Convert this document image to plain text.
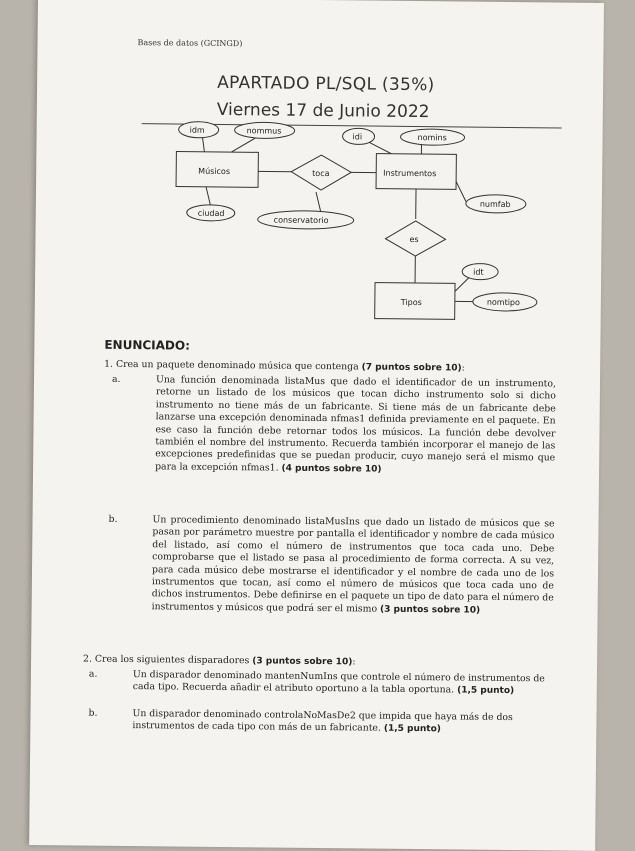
Bases de datos (GCINGD)
APARTADO PL/SQL (35%)
Viernes 17 de Junio 2022
Músicos	Instrumentos
Tipos
toca
es
idm	nommus
ciudad
conservatorio
idi	nomins
numfab
idt
nomtipo
ENUNCIADO:
1. Crea un paquete denominado música que contenga (7 puntos sobre 10):
a.	Una función denominada listaMus que dado el identificador de un instrumento, retorne un listado de los músicos que tocan dicho instrumento solo si dicho instrumento no tiene más de un fabricante. Si tiene más de un fabricante debe lanzarse una excepción denominada nfmas1 definida previamente en el paquete. En ese caso la función debe retornar todos los músicos. La función debe devolver también el nombre del instrumento. Recuerda también incorporar el manejo de las excepciones predefinidas que se puedan producir, cuyo manejo será el mismo que para la excepción nfmas1. (4 puntos sobre 10)
b.	Un procedimiento denominado listaMusIns que dado un listado de músicos que se pasan por parámetro muestre por pantalla el identificador y nombre de cada músico del listado, así como el número de instrumentos que toca cada uno. Debe comprobarse que el listado se pasa al procedimiento de forma correcta. A su vez, para cada músico debe mostrarse el identificador y el nombre de cada uno de los instrumentos que tocan, así como el número de músicos que toca cada uno de dichos instrumentos. Debe definirse en el paquete un tipo de dato para el número de instrumentos y músicos que podrá ser el mismo (3 puntos sobre 10)
2. Crea los siguientes disparadores (3 puntos sobre 10):
a.	Un disparador denominado mantenNumIns que controle el número de instrumentos de cada tipo. Recuerda añadir el atributo oportuno a la tabla oportuna. (1,5 punto)
b.	Un disparador denominado controlaNoMasDe2 que impida que haya más de dos instrumentos de cada tipo con más de un fabricante. (1,5 punto)
